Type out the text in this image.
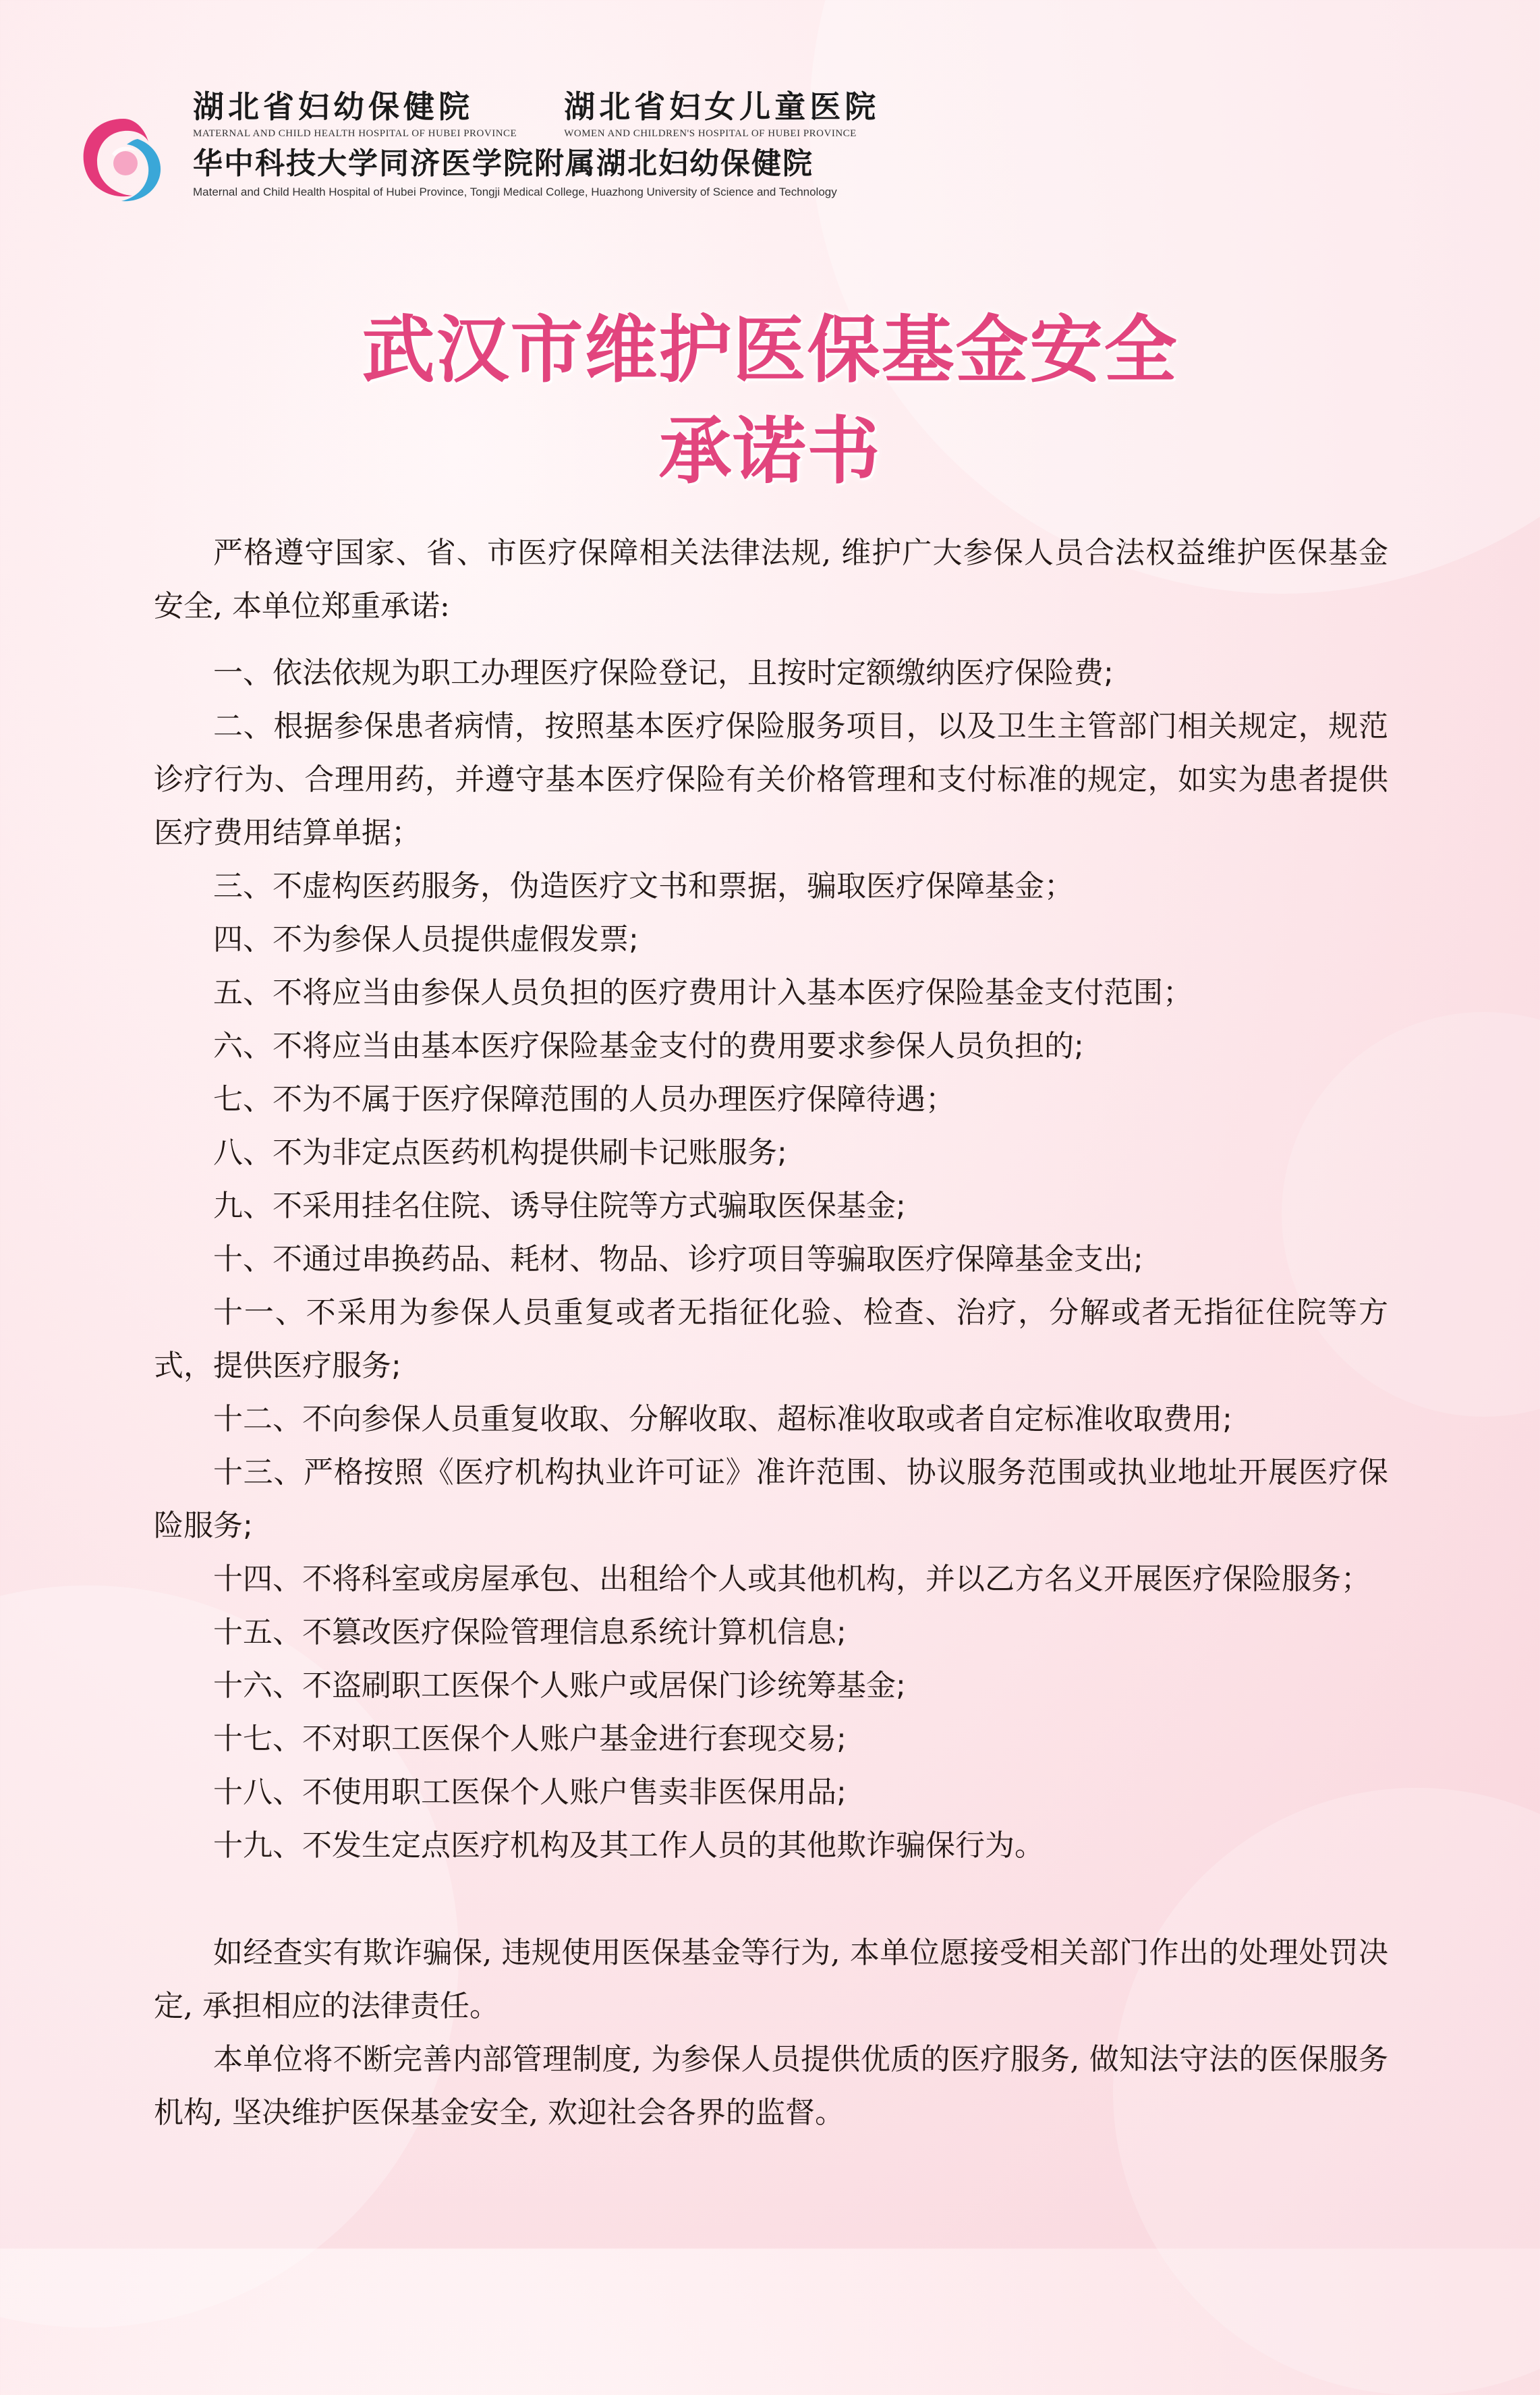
湖北省妇幼保健院
MATERNAL AND CHILD HEALTH HOSPITAL OF HUBEI PROVINCE
湖北省妇女儿童医院
WOMEN AND CHILDREN'S HOSPITAL OF HUBEI PROVINCE
华中科技大学同济医学院附属湖北妇幼保健院
Maternal and Child Health Hospital of Hubei Province, Tongji Medical College, Huazhong University of Science and Technology
武汉市维护医保基金安全
承诺书

严格遵守国家、省、市医疗保障相关法律法规, 维护广大参保人员合法权益维护医保基金安全, 本单位郑重承诺:

一、依法依规为职工办理医疗保险登记，且按时定额缴纳医疗保险费;

二、根据参保患者病情，按照基本医疗保险服务项目，以及卫生主管部门相关规定，规范诊疗行为、合理用药，并遵守基本医疗保险有关价格管理和支付标准的规定，如实为患者提供医疗费用结算单据；

三、不虚构医药服务，伪造医疗文书和票据，骗取医疗保障基金；

四、不为参保人员提供虚假发票;

五、不将应当由参保人员负担的医疗费用计入基本医疗保险基金支付范围；

六、不将应当由基本医疗保险基金支付的费用要求参保人员负担的;

七、不为不属于医疗保障范围的人员办理医疗保障待遇；

八、不为非定点医药机构提供刷卡记账服务;

九、不采用挂名住院、诱导住院等方式骗取医保基金;

十、不通过串换药品、耗材、物品、诊疗项目等骗取医疗保障基金支出;

十一、不采用为参保人员重复或者无指征化验、检查、治疗，分解或者无指征住院等方式，提供医疗服务;

十二、不向参保人员重复收取、分解收取、超标准收取或者自定标准收取费用;

十三、严格按照《医疗机构执业许可证》准许范围、协议服务范围或执业地址开展医疗保险服务;

十四、不将科室或房屋承包、出租给个人或其他机构，并以乙方名义开展医疗保险服务；

十五、不篡改医疗保险管理信息系统计算机信息;

十六、不盗刷职工医保个人账户或居保门诊统筹基金;

十七、不对职工医保个人账户基金进行套现交易;

十八、不使用职工医保个人账户售卖非医保用品;

十九、不发生定点医疗机构及其工作人员的其他欺诈骗保行为。

如经查实有欺诈骗保, 违规使用医保基金等行为, 本单位愿接受相关部门作出的处理处罚决定, 承担相应的法律责任。

本单位将不断完善内部管理制度, 为参保人员提供优质的医疗服务, 做知法守法的医保服务机构, 坚决维护医保基金安全, 欢迎社会各界的监督。
